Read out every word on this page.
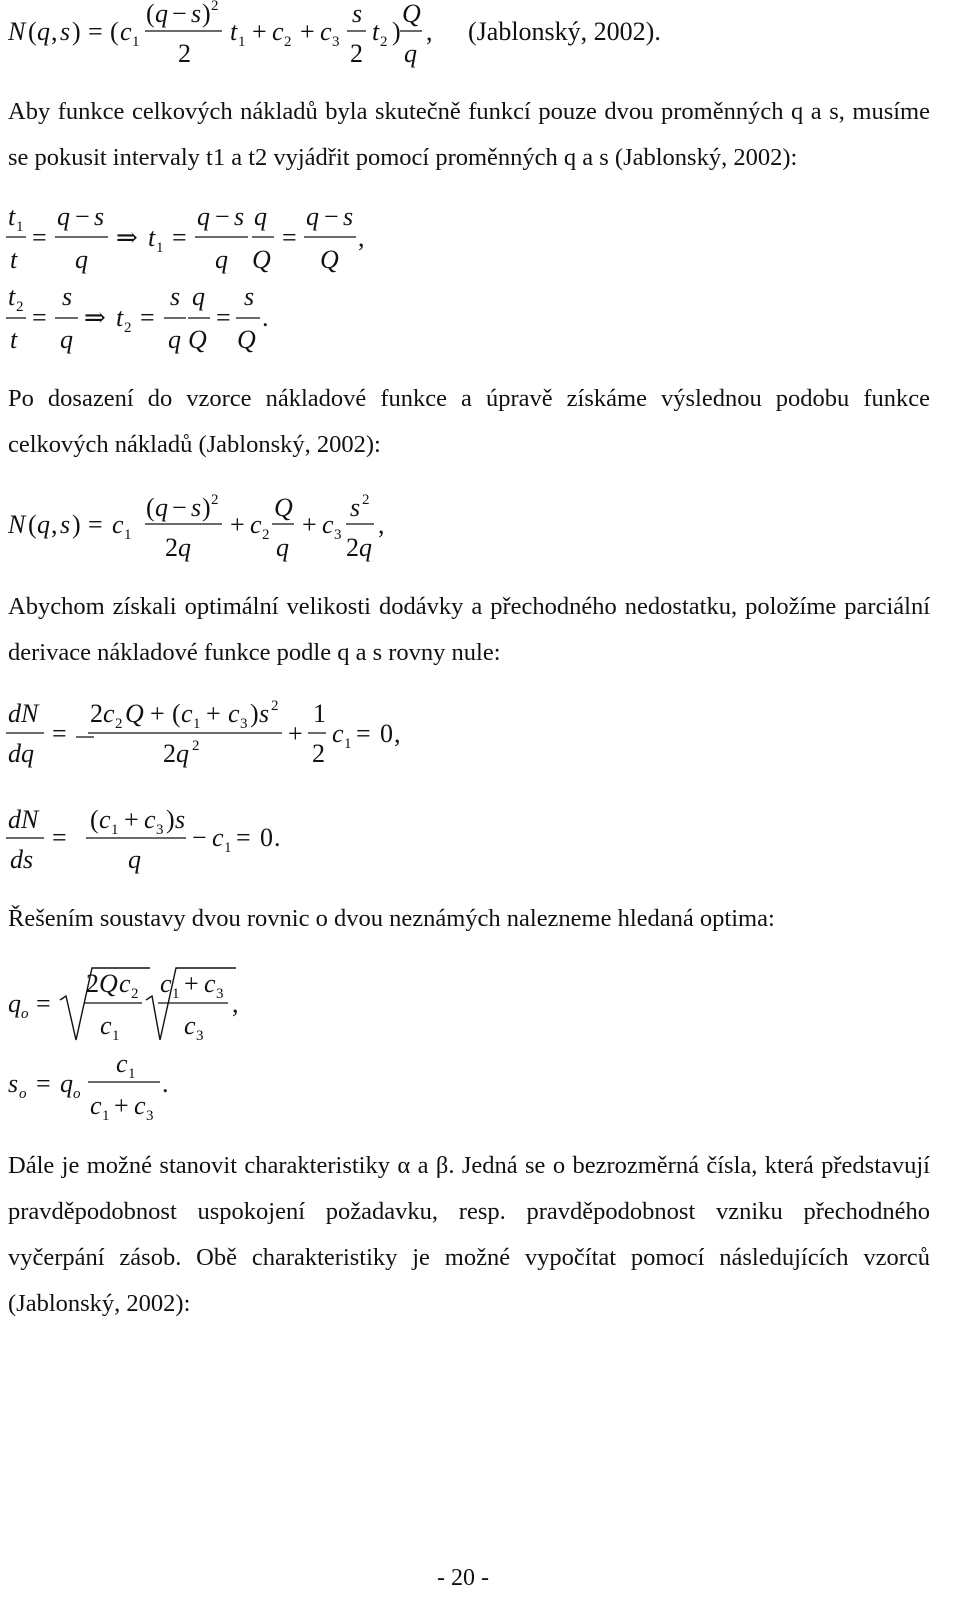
N ( q , s ) = ( c 1
( q − s ) 2
2
t 1 + c 2 + c 3
s
2
t 2 )
Q
q
, (Jablonský, 2002).
t 1
t
=
q − s
q
⇒ t 1 =
q − s
q
q
Q
=
q − s
Q
,
t 2
t
=
s
q
⇒ t 2 =
s
q
q
Q
=
s
Q
.
N ( q , s ) = c 1
( q − s ) 2
2 q
+ c 2
Q
q
+ c 3
s 2
2 q
,
dN
dq
=
2 c 2 Q + ( c 1 + c 3 ) s 2
2 q 2	+
1
2
c 1 = 0 ,
dN
ds
=
( c 1 + c 3 ) s
q
− c 1 = 0 .
q o =
2 Q c 2
c 1
c 1 + c 3
c 3
,
s o = q o
c 1
c 1 + c 3
.
Aby funkce celkových nákladů byla skutečně funkcí pouze dvou proměnných q a s, musíme se pokusit intervaly t1 a t2 vyjádřit pomocí proměnných q a s (Jablonský, 2002):
Po dosazení do vzorce nákladové funkce a úpravě získáme výslednou podobu funkce celkových nákladů (Jablonský, 2002):
Abychom získali optimální velikosti dodávky a přechodného nedostatku, položíme parciální derivace nákladové funkce podle q a s rovny nule:
Řešením soustavy dvou rovnic o dvou neznámých nalezneme hledaná optima:
Dále je možné stanovit charakteristiky α a β. Jedná se o bezrozměrná čísla, která představují pravděpodobnost uspokojení požadavku, resp. pravděpodobnost vzniku přechodného vyčerpání zásob. Obě charakteristiky je možné vypočítat pomocí následujících vzorců (Jablonský, 2002):
- 20 -
